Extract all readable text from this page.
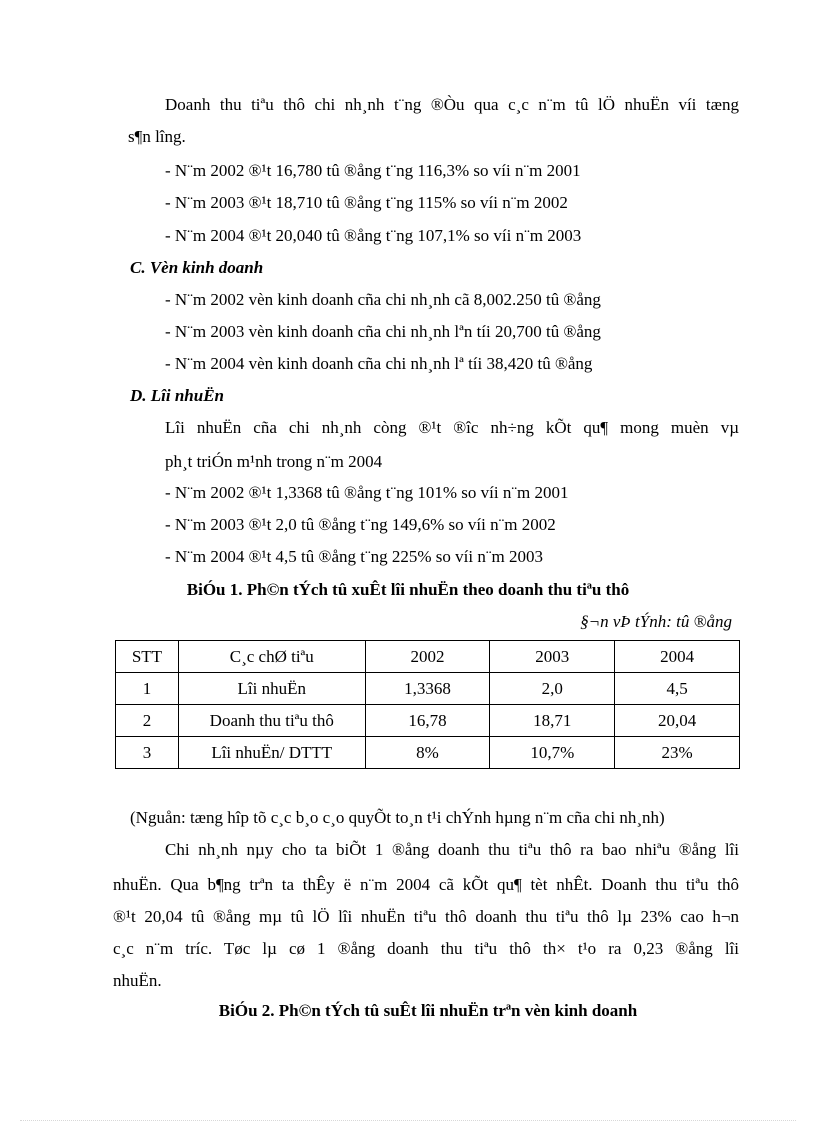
Doanh thu tiªu thô chi nh¸nh t¨ng ®Òu qua c¸c n¨m tû lÖ nhuËn víi tæng
s¶n lîng.
- N¨m 2002 ®¹t 16,780 tû ®ång t¨ng 116,3% so víi n¨m 2001
- N¨m 2003 ®¹t 18,710 tû ®ång t¨ng 115% so víi n¨m 2002
- N¨m 2004 ®¹t 20,040 tû ®ång t¨ng 107,1% so víi n¨m 2003
C. Vèn kinh doanh
- N¨m 2002 vèn kinh doanh cña chi nh¸nh cã 8,002.250 tû ®ång
- N¨m 2003 vèn kinh doanh cña chi nh¸nh lªn tíi 20,700 tû ®ång
- N¨m 2004 vèn kinh doanh cña chi nh¸nh lª tíi 38,420 tû ®ång
D. Lîi nhuËn
Lîi nhuËn cña chi nh¸nh còng ®¹t ®îc nh÷ng kÕt qu¶ mong muèn vµ
ph¸t triÓn m¹nh trong n¨m 2004
- N¨m 2002 ®¹t 1,3368 tû ®ång t¨ng 101% so víi n¨m 2001
- N¨m 2003 ®¹t 2,0 tû ®ång t¨ng 149,6% so víi n¨m 2002
- N¨m 2004 ®¹t 4,5 tû ®ång t¨ng 225% so víi n¨m 2003
BiÓu 1. Ph©n tÝch tû xuÊt lîi nhuËn theo doanh thu tiªu thô
§¬n vÞ tÝnh: tû ®ång
STT	C¸c chØ tiªu	2002	2003	2004
1	Lîi nhuËn	1,3368	2,0	4,5
2	Doanh thu tiªu thô	16,78	18,71	20,04
3	Lîi nhuËn/ DTTT	8%	10,7%	23%
(Nguån: tæng hîp tõ c¸c b¸o c¸o quyÕt to¸n t¹i chÝnh hµng n¨m cña chi nh¸nh)
Chi nh¸nh nµy cho ta biÕt 1 ®ång doanh thu tiªu thô ra bao nhiªu ®ång lîi
nhuËn. Qua b¶ng trªn ta thÊy ë n¨m 2004 cã kÕt qu¶ tèt nhÊt. Doanh thu tiªu thô
®¹t 20,04 tû ®ång mµ tû lÖ lîi nhuËn tiªu thô doanh thu tiªu thô lµ 23% cao h¬n
c¸c n¨m tríc. Tøc lµ cø 1 ®ång doanh thu tiªu thô th× t¹o ra 0,23 ®ång lîi
nhuËn.
BiÓu 2. Ph©n tÝch tû suÊt lîi nhuËn trªn vèn kinh doanh
